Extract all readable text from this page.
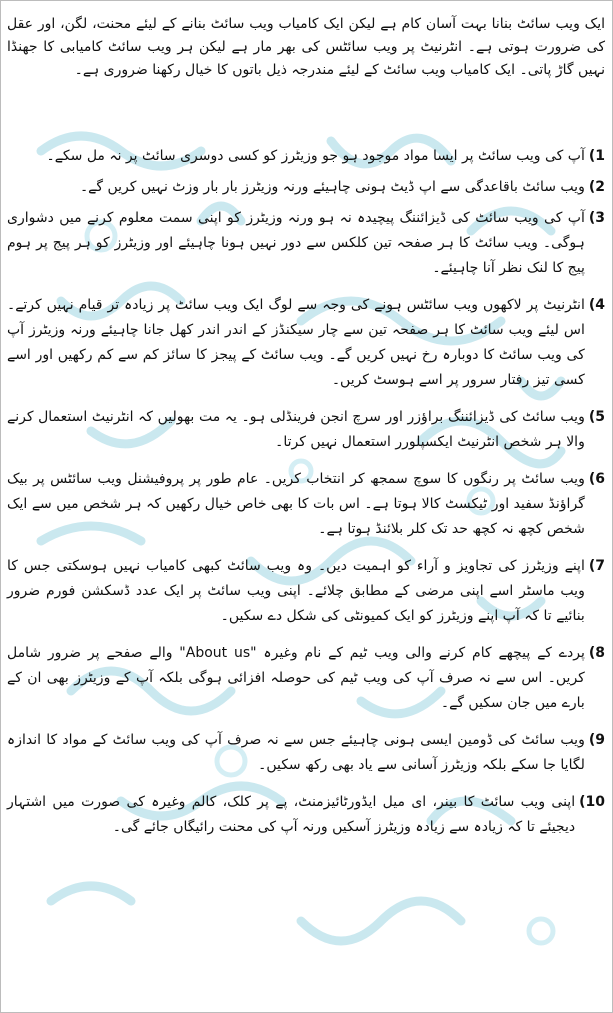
ایک ویب سائٹ بنانا بہت آسان کام ہے لیکن ایک کامیاب ویب سائٹ بنانے کے لیئے محنت، لگن، اور عقل کی ضرورت ہوتی ہے۔ انٹرنیٹ پر ویب سائٹس کی بھر مار ہے لیکن ہر ویب سائٹ کامیابی کا جھنڈا نہیں گاڑ پاتی۔ ایک کامیاب ویب سائٹ کے لیئے مندرجہ ذیل باتوں کا خیال رکھنا ضروری ہے۔
1)
آپ کی ویب سائٹ پر ایسا مواد موجود ہو جو وزیٹرز کو کسی دوسری سائٹ پر نہ مل سکے۔
2)
ویب سائٹ باقاعدگی سے اپ ڈیٹ ہونی چاہیئے ورنہ وزیٹرز بار بار وزٹ نہیں کریں گے۔
3)
آپ کی ویب سائٹ کی ڈیزائننگ پیچیدہ نہ ہو ورنہ وزیٹرز کو اپنی سمت معلوم کرنے میں دشواری ہوگی۔ ویب سائٹ کا ہر صفحہ تین کلکس سے دور نہیں ہونا چاہیئے اور وزیٹرز کو ہر پیج پر ہوم پیج کا لنک نظر آنا چاہیئے۔
4)
انٹرنیٹ پر لاکھوں ویب سائٹس ہونے کی وجہ سے لوگ ایک ویب سائٹ پر زیادہ تر قیام نہیں کرتے۔ اس لیئے ویب سائٹ کا ہر صفحہ تین سے چار سیکنڈز کے اندر اندر کھل جانا چاہیئے ورنہ وزیٹرز آپ کی ویب سائٹ کا دوبارہ رخ نہیں کریں گے۔ ویب سائٹ کے پیجز کا سائز کم سے کم رکھیں اور اسے کسی تیز رفتار سرور پر اسے ہوسٹ کریں۔
5)
ویب سائٹ کی ڈیزائننگ براؤزر اور سرچ انجن فرینڈلی ہو۔ یہ مت بھولیں کہ انٹرنیٹ استعمال کرنے والا ہر شخص انٹرنیٹ ایکسپلورر استعمال نہیں کرتا۔
6)
ویب سائٹ پر رنگوں کا سوچ سمجھ کر انتخاب کریں۔ عام طور پر پروفیشنل ویب سائٹس پر بیک گراؤنڈ سفید اور ٹیکسٹ کالا ہوتا ہے۔ اس بات کا بھی خاص خیال رکھیں کہ ہر شخص میں سے ایک شخص کچھ نہ کچھ حد تک کلر بلائنڈ ہوتا ہے۔
7)
اپنے وزیٹرز کی تجاویز و آراء کو اہمیت دیں۔ وہ ویب سائٹ کبھی کامیاب نہیں ہوسکتی جس کا ویب ماسٹر اسے اپنی مرضی کے مطابق چلائے۔ اپنی ویب سائٹ پر ایک عدد ڈسکشن فورم ضرور بنائیے تا کہ آپ اپنے وزیٹرز کو ایک کمیونٹی کی شکل دے سکیں۔
8)
پردے کے پیچھے کام کرنے والی ویب ٹیم کے نام وغیرہ "About us" والے صفحے پر ضرور شامل کریں۔ اس سے نہ صرف آپ کی ویب ٹیم کی حوصلہ افزائی ہوگی بلکہ آپ کے وزیٹرز بھی ان کے بارے میں جان سکیں گے۔
9)
ویب سائٹ کی ڈومین ایسی ہونی چاہیئے جس سے نہ صرف آپ کی ویب سائٹ کے مواد کا اندازہ لگایا جا سکے بلکہ وزیٹرز آسانی سے یاد بھی رکھ سکیں۔
10)
اپنی ویب سائٹ کا بینر، ای میل ایڈورٹائیزمنٹ، پے پر کلک، کالم وغیرہ کی صورت میں اشتہار دیجیئے تا کہ زیادہ سے زیادہ وزیٹرز آسکیں ورنہ آپ کی محنت رائیگاں جائے گی۔
